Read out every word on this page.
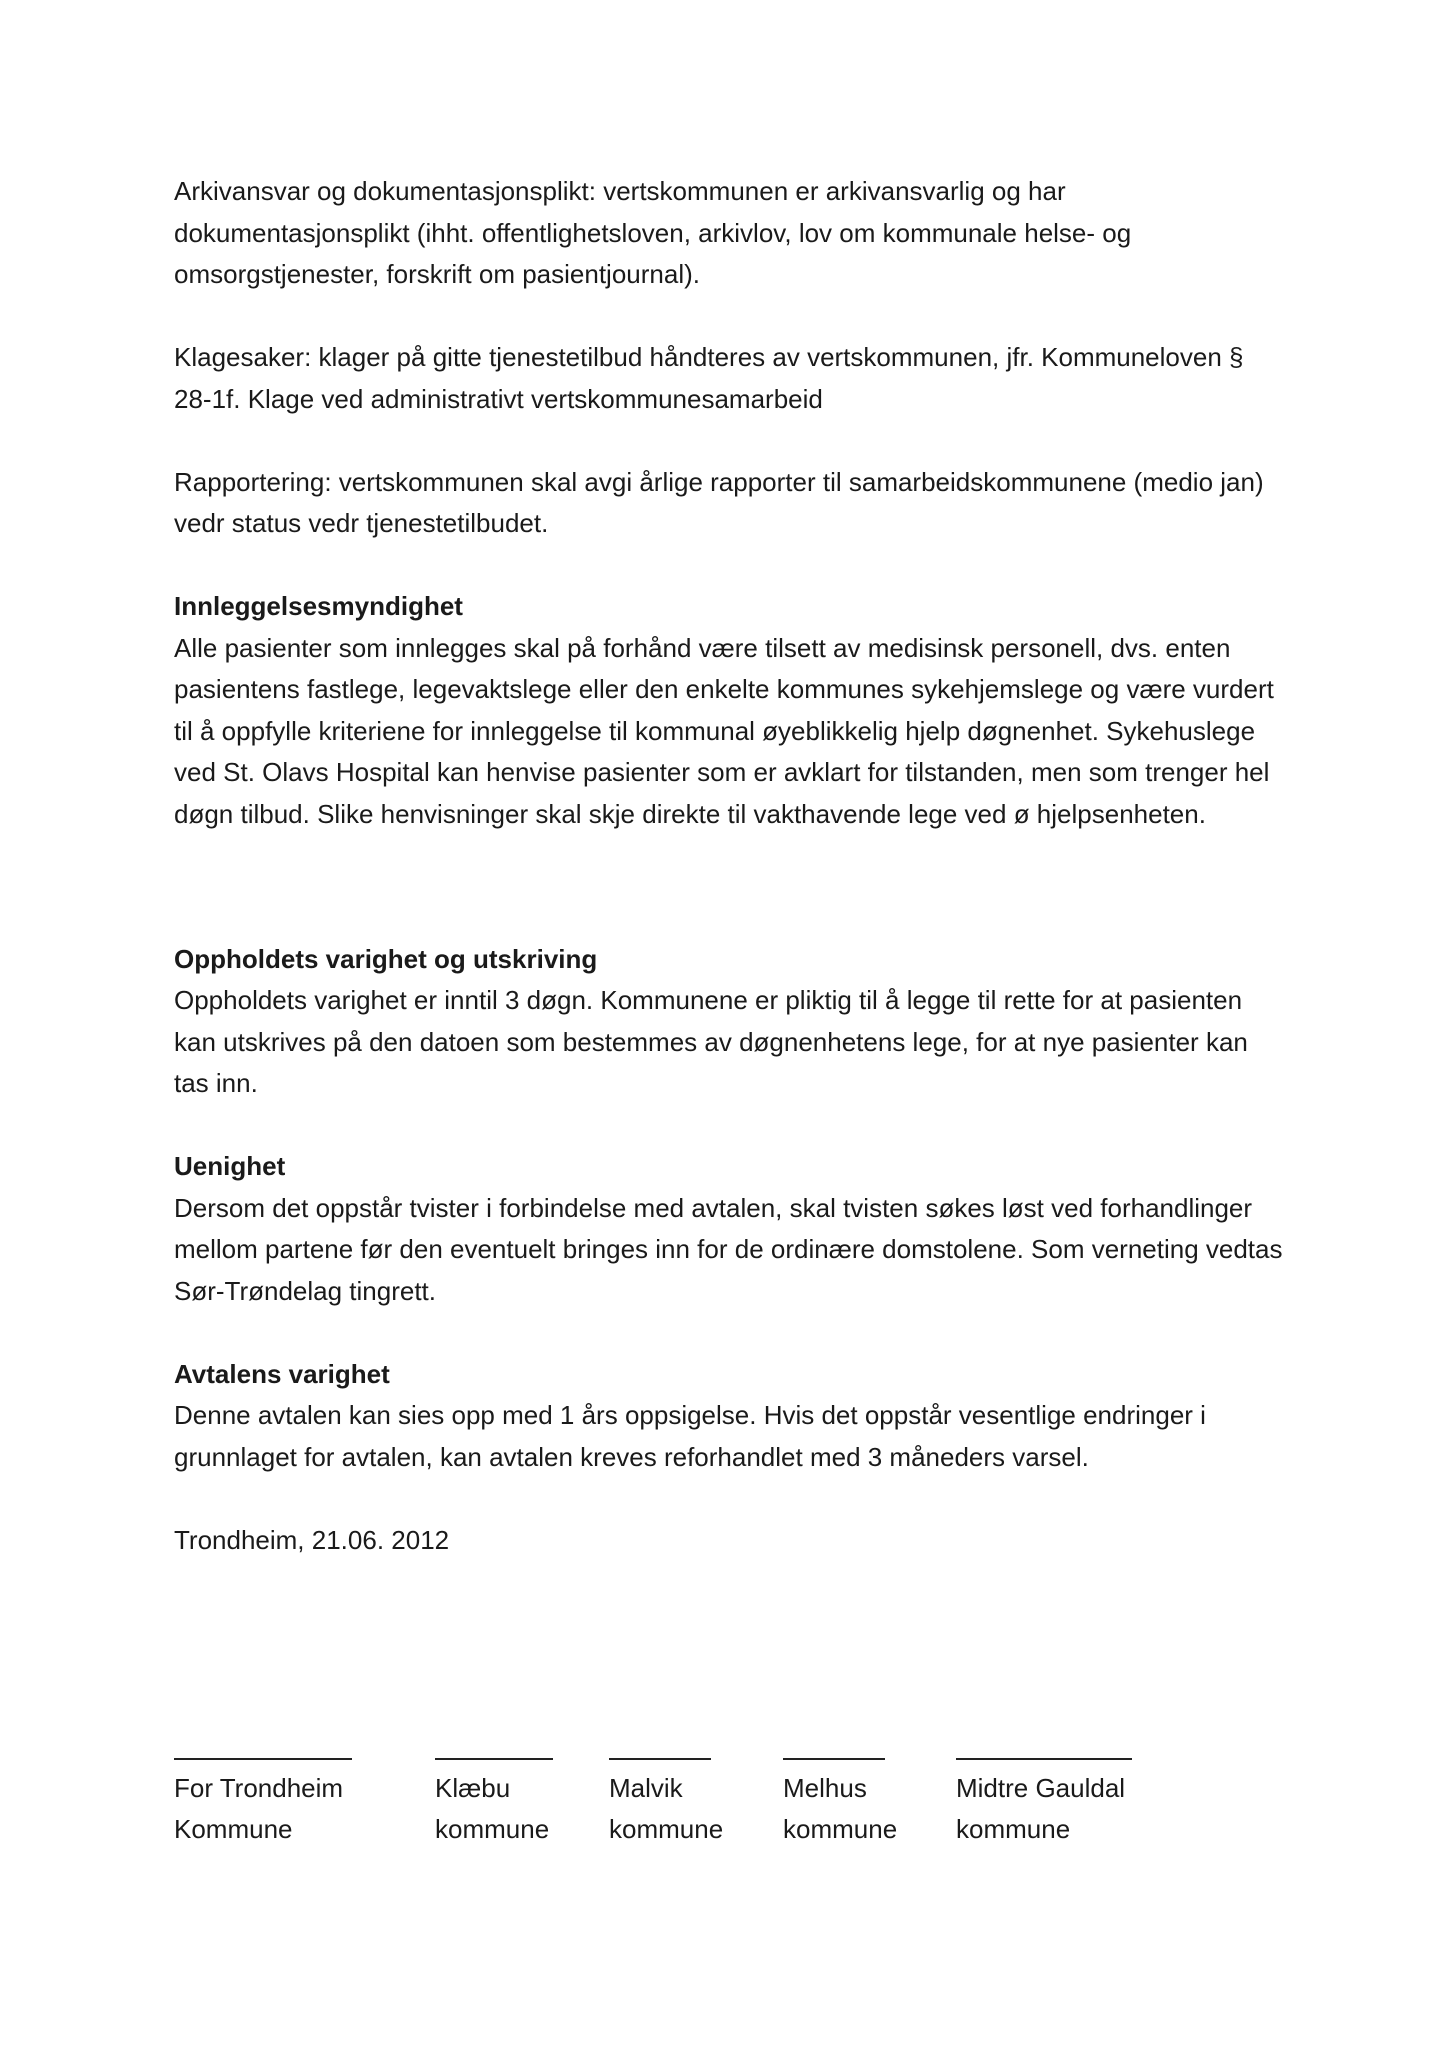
Arkivansvar og dokumentasjonsplikt: vertskommunen er arkivansvarlig og har dokumentasjonsplikt (ihht. offentlighetsloven, arkivlov, lov om kommunale helse- og omsorgstjenester, forskrift om pasientjournal).

Klagesaker: klager på gitte tjenestetilbud håndteres av vertskommunen, jfr. Kommuneloven § 28-1f. Klage ved administrativt vertskommunesamarbeid

Rapportering: vertskommunen skal avgi årlige rapporter til samarbeidskommunene (medio jan) vedr status vedr tjenestetilbudet.

Innleggelsesmyndighet

Alle pasienter som innlegges skal på forhånd være tilsett av medisinsk personell, dvs. enten pasientens fastlege, legevaktslege eller den enkelte kommunes sykehjemslege og være vurdert til å oppfylle kriteriene for innleggelse til kommunal øyeblikkelig hjelp døgnenhet. Sykehuslege ved St. Olavs Hospital kan henvise pasienter som er avklart for tilstanden, men som trenger hel døgn tilbud. Slike henvisninger skal skje direkte til vakthavende lege ved ø hjelpsenheten.

Oppholdets varighet og utskriving

Oppholdets varighet er inntil 3 døgn. Kommunene er pliktig til å legge til rette for at pasienten kan utskrives på den datoen som bestemmes av døgnenhetens lege, for at nye pasienter kan tas inn.

Uenighet

Dersom det oppstår tvister i forbindelse med avtalen, skal tvisten søkes løst ved forhandlinger mellom partene før den eventuelt bringes inn for de ordinære domstolene. Som verneting vedtas Sør-Trøndelag tingrett.

Avtalens varighet

Denne avtalen kan sies opp med 1 års oppsigelse. Hvis det oppstår vesentlige endringer i grunnlaget for avtalen, kan avtalen kreves reforhandlet med 3 måneders varsel.

Trondheim, 21.06. 2012

For Trondheim
Kommune
Klæbu
kommune
Malvik
kommune
Melhus
kommune
Midtre Gauldal
kommune
